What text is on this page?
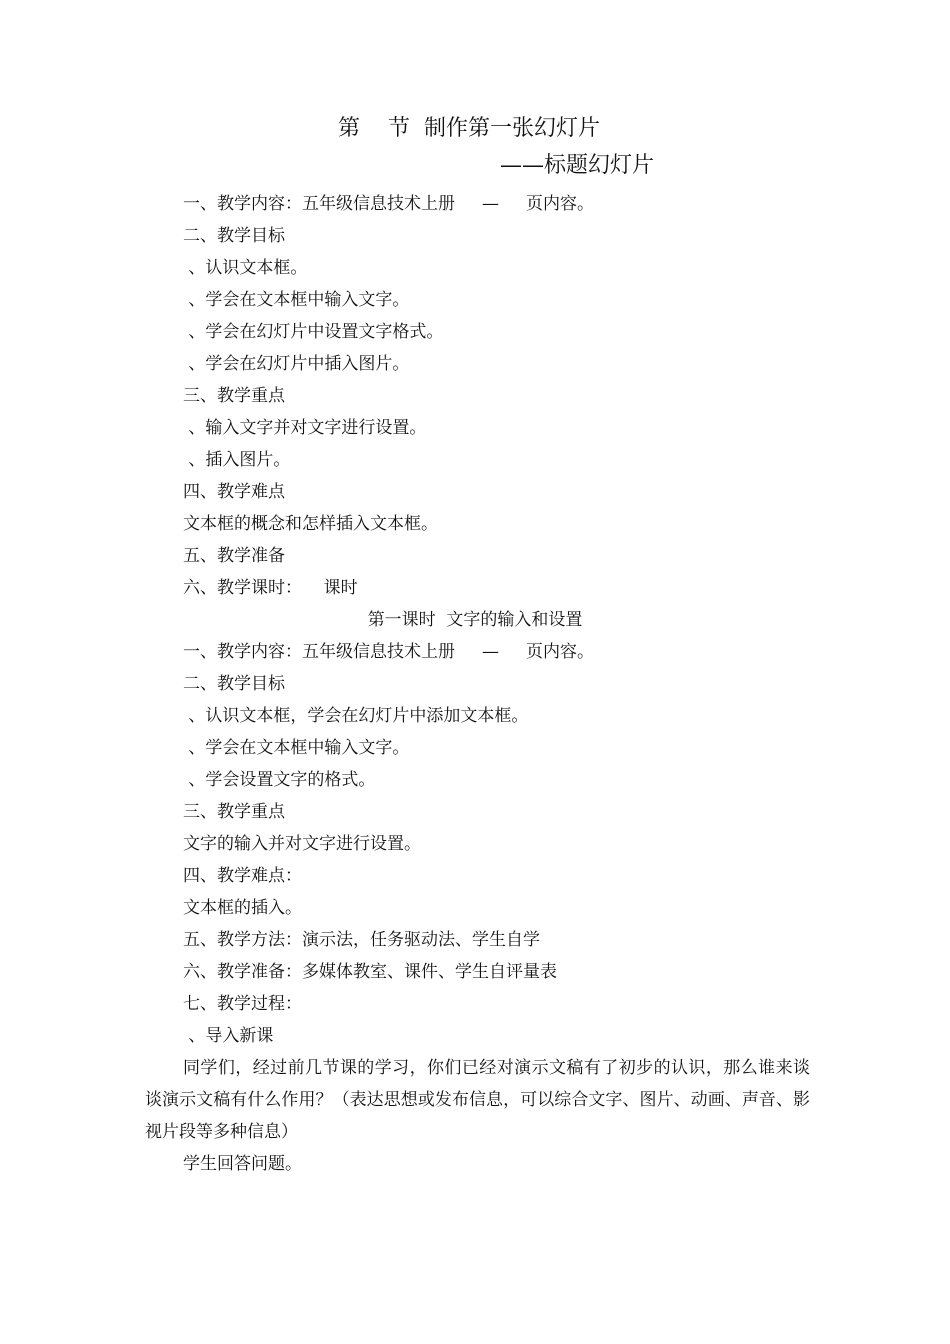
第    节  制作第一张幻灯片
——标题幻灯片
一、教学内容：五年级信息技术上册     —     页内容。
二、教学目标
、认识文本框。
、学会在文本框中输入文字。
、学会在幻灯片中设置文字格式。
、学会在幻灯片中插入图片。
三、教学重点
、输入文字并对文字进行设置。
、插入图片。
四、教学难点
文本框的概念和怎样插入文本框。
五、教学准备
六、教学课时：    课时
第一课时  文字的输入和设置
一、教学内容：五年级信息技术上册     —     页内容。
二、教学目标
、认识文本框，学会在幻灯片中添加文本框。
、学会在文本框中输入文字。
、学会设置文字的格式。
三、教学重点
文字的输入并对文字进行设置。
四、教学难点：
文本框的插入。
五、教学方法：演示法，任务驱动法、学生自学
六、教学准备：多媒体教室、课件、学生自评量表
七、教学过程：
、导入新课
同学们，经过前几节课的学习，你们已经对演示文稿有了初步的认识，那么谁来谈谈演示文稿有什么作用？（表达思想或发布信息，可以综合文字、图片、动画、声音、影视片段等多种信息）
学生回答问题。
